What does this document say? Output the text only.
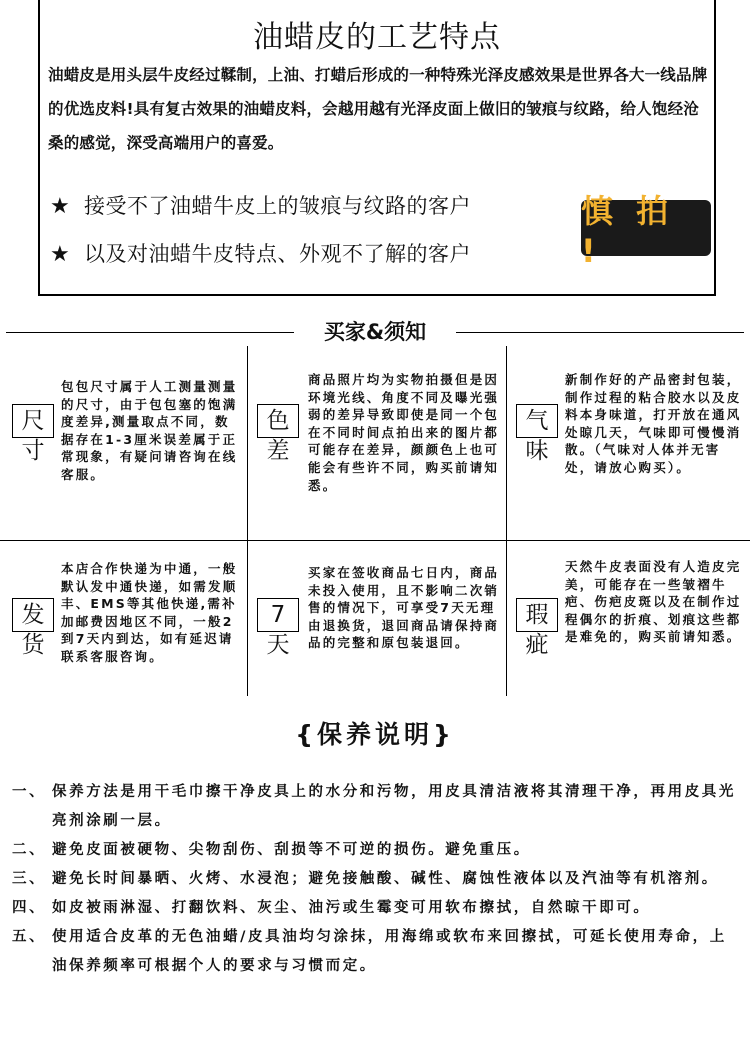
油蜡皮的工艺特点
油蜡皮是用头层牛皮经过鞣制，上油、打蜡后形成的一种特殊光泽皮感效果是世界各大一线品牌的优选皮料!具有复古效果的油蜡皮料，会越用越有光泽皮面上做旧的皱痕与纹路，给人饱经沧桑的感觉，深受高端用户的喜爱。
★ 接受不了油蜡牛皮上的皱痕与纹路的客户
★ 以及对油蜡牛皮特点、外观不了解的客户
慎 拍 !
买家&须知
尺
寸
包包尺寸属于人工测量测量的尺寸，由于包包塞的饱满度差异,测量取点不同，数据存在1-3厘米误差属于正常现象，有疑问请咨询在线客服。
色
差
商品照片均为实物拍摄但是因环境光线、角度不同及曝光强弱的差异导致即使是同一个包在不同时间点拍出来的图片都可能存在差异，颜颜色上也可能会有些许不同，购买前请知悉。
气
味
新制作好的产品密封包装，制作过程的粘合胶水以及皮料本身味道，打开放在通风处晾几天，气味即可慢慢消散。（气味对人体并无害处，请放心购买）。
发
货
本店合作快递为中通，一般默认发中通快递，如需发顺丰、EMS等其他快递,需补加邮费因地区不同，一般2到7天内到达，如有延迟请联系客服咨询。
7
天
买家在签收商品七日内，商品未投入使用，且不影响二次销售的情况下，可享受7天无理由退换货，退回商品请保持商品的完整和原包装退回。
瑕
疵
天然牛皮表面没有人造皮完美，可能存在一些皱褶牛疤、伤疤皮斑以及在制作过程偶尔的折痕、划痕这些都是难免的，购买前请知悉。
{保养说明}
一、 保养方法是用干毛巾擦干净皮具上的水分和污物，用皮具清洁液将其清理干净，再用皮具光亮剂涂刷一层。
二、 避免皮面被硬物、尖物刮伤、刮损等不可逆的损伤。避免重压。
三、 避免长时间暴晒、火烤、水浸泡；避免接触酸、碱性、腐蚀性液体以及汽油等有机溶剂。
四、 如皮被雨淋湿、打翻饮料、灰尘、油污或生霉变可用软布擦拭，自然晾干即可。
五、 使用适合皮革的无色油蜡/皮具油均匀涂抹，用海绵或软布来回擦拭，可延长使用寿命，上油保养频率可根据个人的要求与习惯而定。
